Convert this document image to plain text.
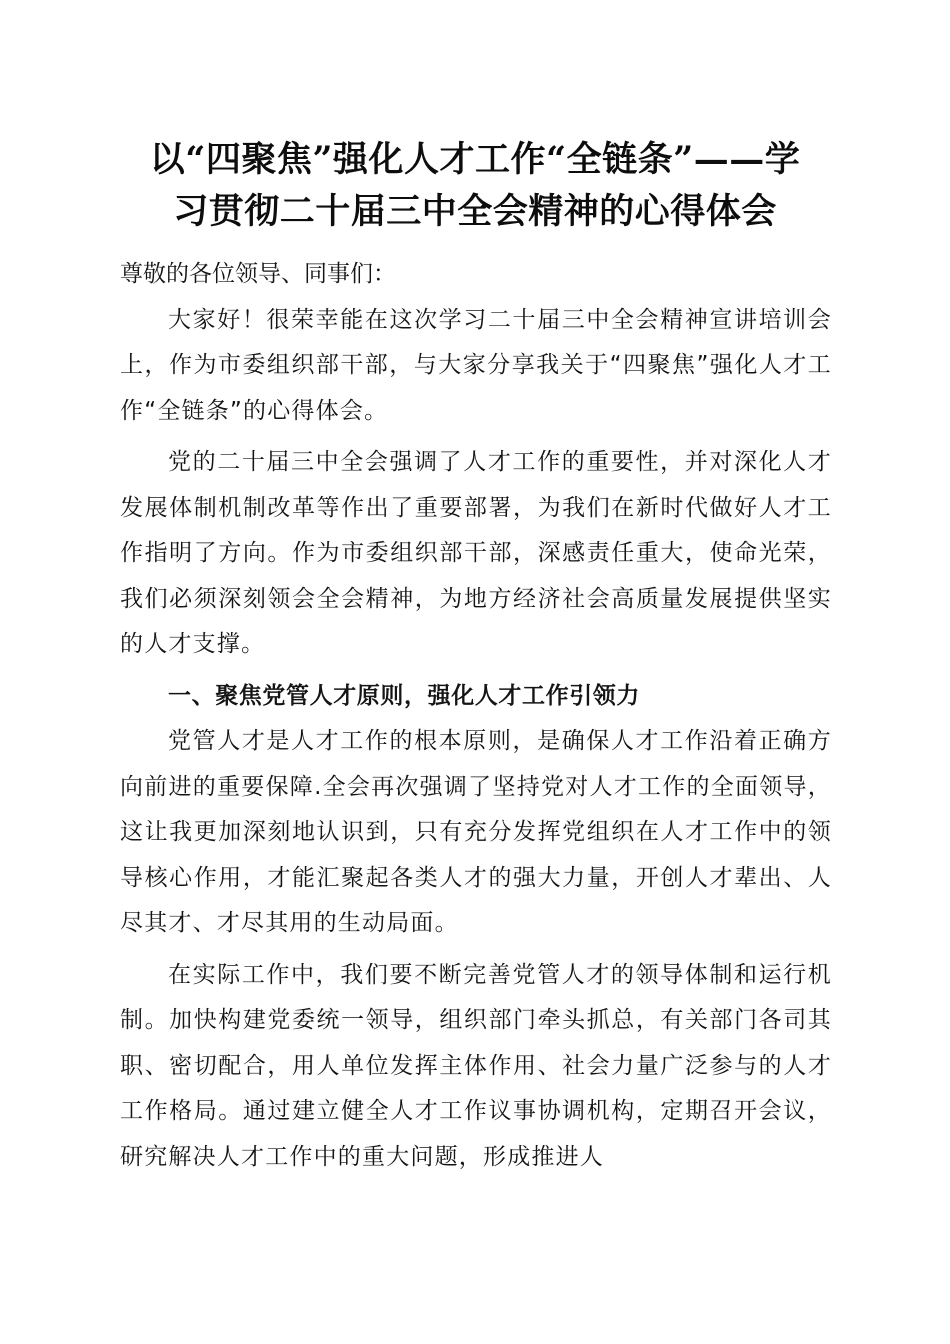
以“四聚焦”强化人才工作“全链条”——学
习贯彻二十届三中全会精神的心得体会

尊敬的各位领导、同事们：

大家好！很荣幸能在这次学习二十届三中全会精神宣讲培训会上，作为市委组织部干部，与大家分享我关于“四聚焦”强化人才工作“全链条”的心得体会。

党的二十届三中全会强调了人才工作的重要性，并对深化人才发展体制机制改革等作出了重要部署，为我们在新时代做好人才工作指明了方向。作为市委组织部干部，深感责任重大，使命光荣，我们必须深刻领会全会精神，为地方经济社会高质量发展提供坚实的人才支撑。

一、聚焦党管人才原则，强化人才工作引领力

党管人才是人才工作的根本原则，是确保人才工作沿着正确方向前进的重要保障.全会再次强调了坚持党对人才工作的全面领导，这让我更加深刻地认识到，只有充分发挥党组织在人才工作中的领导核心作用，才能汇聚起各类人才的强大力量，开创人才辈出、人尽其才、才尽其用的生动局面。

在实际工作中，我们要不断完善党管人才的领导体制和运行机制。加快构建党委统一领导，组织部门牵头抓总，有关部门各司其职、密切配合，用人单位发挥主体作用、社会力量广泛参与的人才工作格局。通过建立健全人才工作议事协调机构，定期召开会议，研究解决人才工作中的重大问题，形成推进人
